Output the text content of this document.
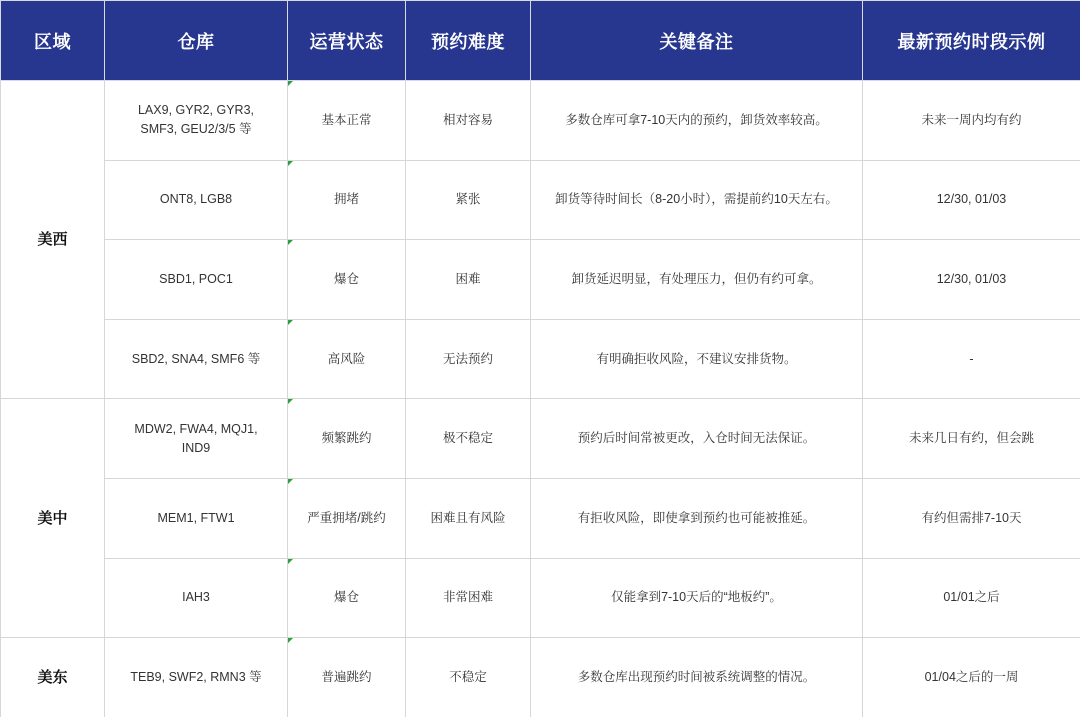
区域	仓库	运营状态	预约难度	关键备注	最新预约时段示例
美西	LAX9, GYR2, GYR3, SMF3, GEU2/3/5 等	基本正常	相对容易	多数仓库可拿7-10天内的预约，卸货效率较高。	未来一周内均有约
	ONT8, LGB8	拥堵	紧张	卸货等待时间长（8-20小时），需提前约10天左右。	12/30, 01/03
	SBD1, POC1	爆仓	困难	卸货延迟明显，有处理压力，但仍有约可拿。	12/30, 01/03
	SBD2, SNA4, SMF6 等	高风险	无法预约	有明确拒收风险，不建议安排货物。	-
美中	MDW2, FWA4, MQJ1, IND9	频繁跳约	极不稳定	预约后时间常被更改，入仓时间无法保证。	未来几日有约，但会跳
	MEM1, FTW1	严重拥堵/跳约	困难且有风险	有拒收风险，即使拿到预约也可能被推延。	有约但需排7-10天
	IAH3	爆仓	非常困难	仅能拿到7-10天后的“地板约”。	01/01之后
美东	TEB9, SWF2, RMN3 等	普遍跳约	不稳定	多数仓库出现预约时间被系统调整的情况。	01/04之后的一周
